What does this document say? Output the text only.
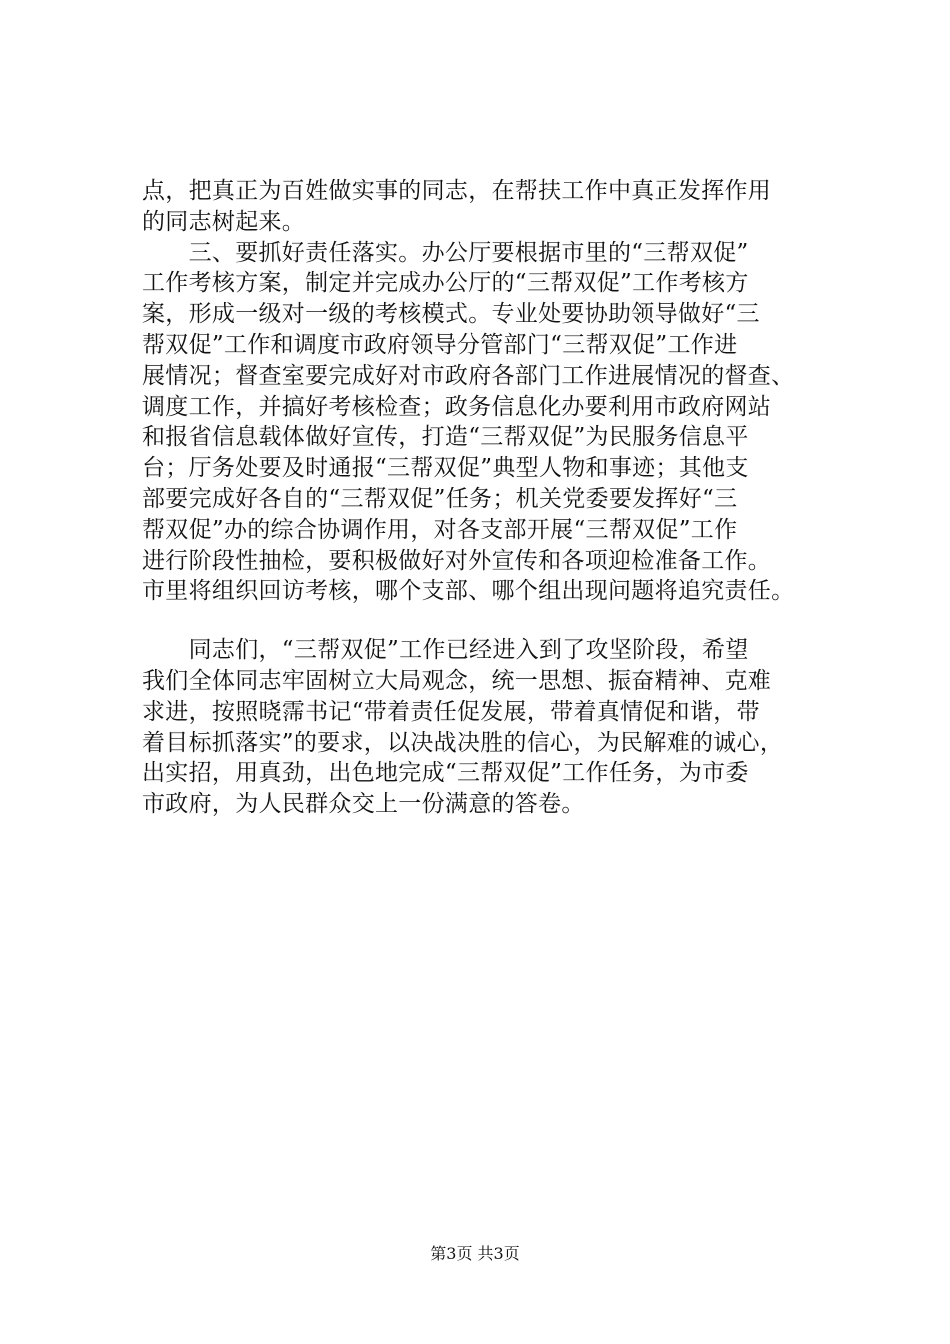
点，把真正为百姓做实事的同志，在帮扶工作中真正发挥作用
的同志树起来。
　　三、要抓好责任落实。办公厅要根据市里的“三帮双促”
工作考核方案，制定并完成办公厅的“三帮双促”工作考核方
案，形成一级对一级的考核模式。专业处要协助领导做好“三
帮双促”工作和调度市政府领导分管部门“三帮双促”工作进
展情况；督查室要完成好对市政府各部门工作进展情况的督查、
调度工作，并搞好考核检查；政务信息化办要利用市政府网站
和报省信息载体做好宣传，打造“三帮双促”为民服务信息平
台；厅务处要及时通报“三帮双促”典型人物和事迹；其他支
部要完成好各自的“三帮双促”任务；机关党委要发挥好“三
帮双促”办的综合协调作用，对各支部开展“三帮双促”工作
进行阶段性抽检，要积极做好对外宣传和各项迎检准备工作。
市里将组织回访考核，哪个支部、哪个组出现问题将追究责任。
　　同志们，“三帮双促”工作已经进入到了攻坚阶段，希望
我们全体同志牢固树立大局观念，统一思想、振奋精神、克难
求进，按照晓霈书记“带着责任促发展，带着真情促和谐，带
着目标抓落实”的要求，以决战决胜的信心，为民解难的诚心，
出实招，用真劲，出色地完成“三帮双促”工作任务，为市委
市政府，为人民群众交上一份满意的答卷。
第3页 共3页
